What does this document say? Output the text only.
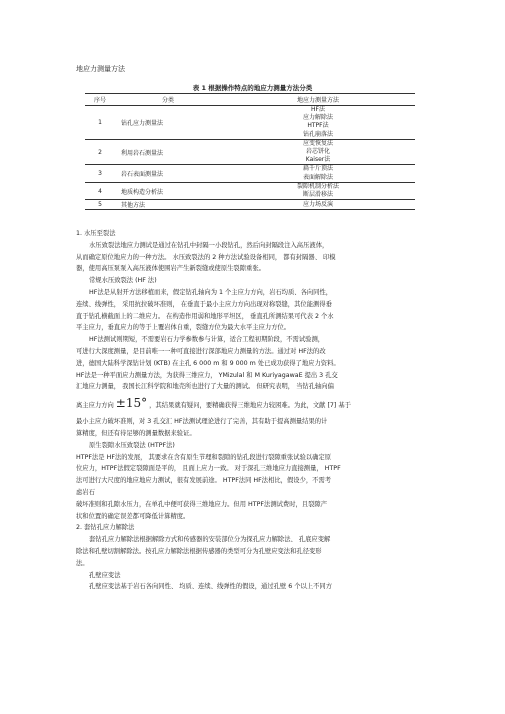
地应力测量方法
表 1 根据操作特点的地应力测量方法分类
序号	分类	地应力测量方法
1	钻孔应力测量法	HF法
应力解除法
HTPF法
钻孔崩落法

2	利用岩石测量法	应变恢复法
岩芯饼化
Kaiser法

3	岩石表面测量法	扁千斤顶法
表面解除法

4	地质构造分析法	裂隙机制分析法
断层滑移法

5	其他方法	应力场反演

1. 水压至裂法

水压致裂法地应力测试是通过在钻孔中封隔一小段钻孔，然后向封隔段注入高压液体，

从而确定原位地应力的一种方法。 水压致裂法的 2 种方法试验设备相同， 都有封隔器、 印模

器，使用高压泵泵入高压液体使围岩产生新裂缝或使原生裂隙重张。

常规水压致裂法 (HF 法)

HF法是从射开方法移植而来，假定钻孔轴向为 1 个主应力方向，岩石均质、各向同性，

连续、线弹性， 采用抗拉破坏准则， 在垂直于最小主应力方向出现对称裂缝，其位能测得垂

直于钻孔横截面上的二维应力。 在构造作用弱和地形平坦区， 垂直孔所测结果可代表 2 个水

平主应力，垂直应力的等于上覆岩体自重，裂缝方位为最大水平主应力方位。

HF法测试则期短，不需要岩石力学参数参与计算，适合工程初期阶段，不需试验测，

可进行大深度测量，是目前唯一一种可直接进行深部地应力测量的方法。通过对 HF法的改

进，德国大陆科学深钻计划 (KTB) 在主孔 6 000 m 和 9 000 m 处已成功获得了地应力资料。

HF法是一种平面应力测量方法，为获得三维应力， YMizulal 和 M KuriyagawaE 提出 3 孔交

汇地应力测量， 我国长江科学院和地壳所也进行了大量的测试。 但研究表明， 当钻孔轴向偏

离主应力方向 ±15° ，其结果就有疑问，要精确获得三维地应力较困难。为此，文献 [7] 基于

最小主应力破坏准则，对 3 孔交汇 HF法测试理论进行了完善，其有助于提高测量结果的计

算精度，但还有待足够的测量数据来验证。

原生裂隙水压致裂法 (HTPF法)

HTPF法是 HF法的发展， 其要求在含有原生节理和裂隙的钻孔段进行裂隙重张试验以确定原

位应力，HTPF法假定裂隙面是平的， 且面上应力一致。 对于深孔三维地应力直接测量， HTPF

法可进行大尺度的地应地应力测试，很有发展前途。 HTPF法同 HF法相比，假设少，不需考

虑岩石

破坏准则和孔隙水压力，在单孔中便可获得三维地应力。但用 HTPF法测试费时，且裂隙产

状和位置的确定误差都可降低计算精度。

2. 套钻孔应力解除法

套钻孔应力解除法根据解除方式和传感器的安装部位分为探孔应力解除法、 孔底应变解

除法和孔壁切割解除法。按孔应力解除法根据传感器的类型可分为孔壁应变法和孔径变形

法。

孔壁应变法

孔壁应变法基于岩石各向同性、 均质、连续、线弹性的假设，通过孔壁 6 个以上不同方
